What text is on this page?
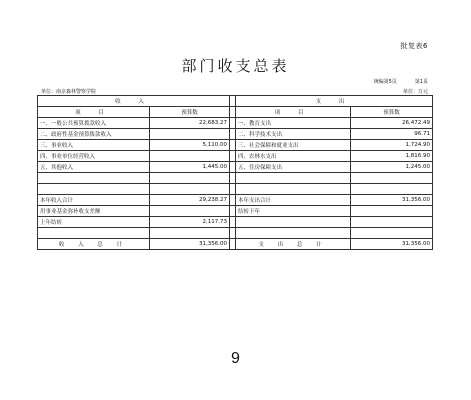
批复表6
部门收支总表
统编第5页	第1页
单位：南京森林警察学院	单位：万元
收 入			支 出	
项 目	预算数		项 目	预算数
一、一般公共预算拨款收入	22,683.27		一、教育支出	26,472.49
二、政府性基金预算拨款收入			二、科学技术支出	96.71
三、事业收入	5,110.00		三、社会保障和就业支出	1,724.90
四、事业单位经营收入			四、农林水支出	1,816.90
五、其他收入	1,445.00		五、住房保障支出	1,245.00

本年收入合计	29,238.27		本年支出合计	31,356.00
用事业基金弥补收支差额			结转下年	
上年结转	2,117.73			

收 入 总 计	31,356.00		支 出 总 计	31,356.00
9
